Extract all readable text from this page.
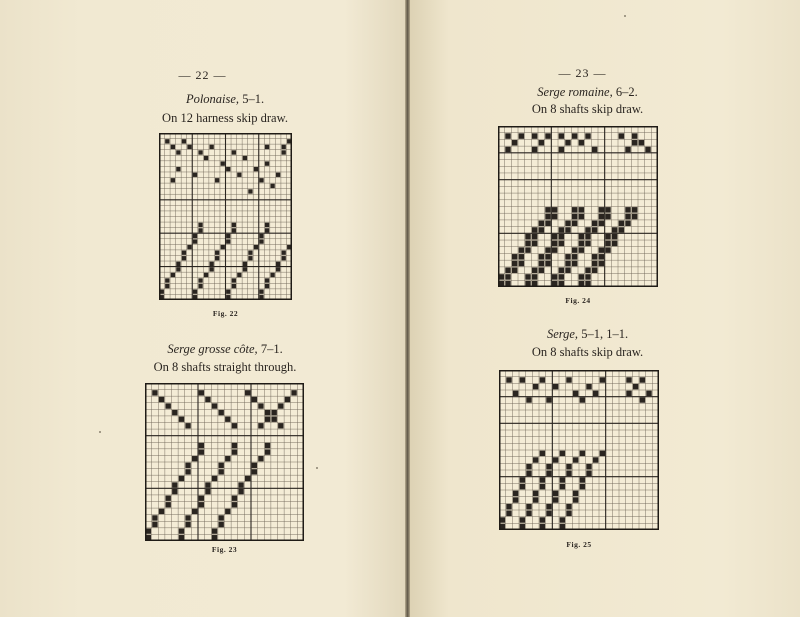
— 22 —
Polonaise, 5–1.
On 12 harness skip draw.
Fig. 22
Serge grosse côte, 7–1.
On 8 shafts straight through.
Fig. 23
— 23 —
Serge romaine, 6–2.
On 8 shafts skip draw.
Fig. 24
Serge, 5–1, 1–1.
On 8 shafts skip draw.
Fig. 25
